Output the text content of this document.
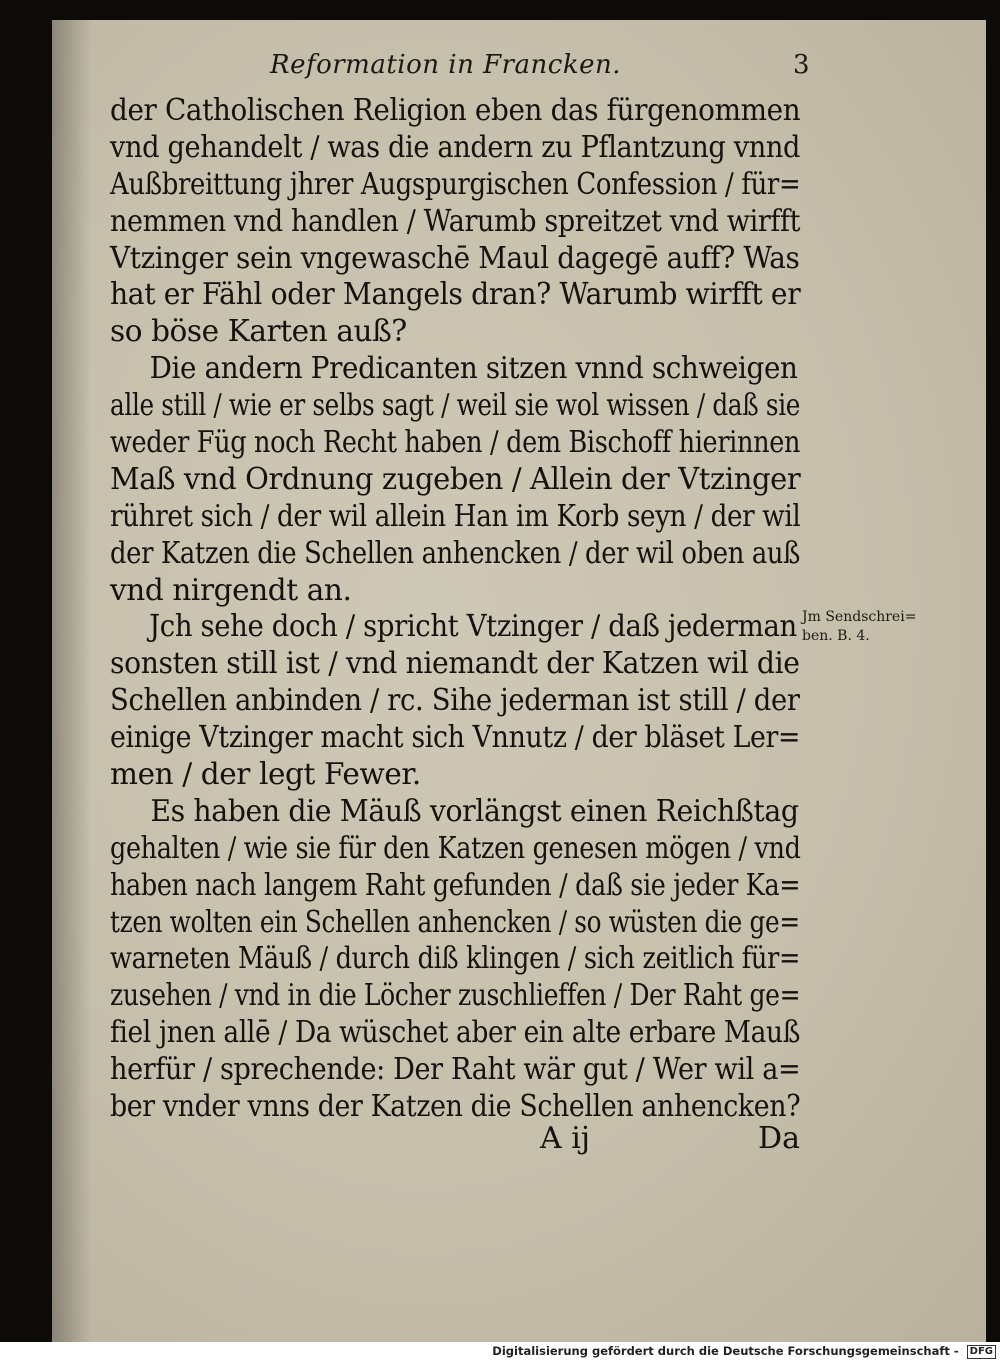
Reformation in Francken.	3
der Catholischen Religion eben das fürgenommen
vnd gehandelt / was die andern zu Pflantzung vnnd
Außbreittung jhrer Augspurgischen Confession / für=
nemmen vnd handlen / Warumb spreitzet vnd wirfft
Vtzinger sein vngewaschē Maul dagegē auff? Was
hat er Fähl oder Mangels dran? Warumb wirfft er
so böse Karten auß?
Die andern Predicanten sitzen vnnd schweigen
alle still / wie er selbs sagt / weil sie wol wissen / daß sie
weder Füg noch Recht haben / dem Bischoff hierinnen
Maß vnd Ordnung zugeben / Allein der Vtzinger
rühret sich / der wil allein Han im Korb seyn / der wil
der Katzen die Schellen anhencken / der wil oben auß
vnd nirgendt an.
Jch sehe doch / spricht Vtzinger / daß jederman
sonsten still ist / vnd niemandt der Katzen wil die
Schellen anbinden / rc. Sihe jederman ist still / der
einige Vtzinger macht sich Vnnutz / der bläset Ler=
men / der legt Fewer.
Es haben die Mäuß vorlängst einen Reichßtag
gehalten / wie sie für den Katzen genesen mögen / vnd
haben nach langem Raht gefunden / daß sie jeder Ka=
tzen wolten ein Schellen anhencken / so wüsten die ge=
warneten Mäuß / durch diß klingen / sich zeitlich für=
zusehen / vnd in die Löcher zuschlieffen / Der Raht ge=
fiel jnen allē / Da wüschet aber ein alte erbare Mauß
herfür / sprechende: Der Raht wär gut / Wer wil a=
ber vnder vnns der Katzen die Schellen anhencken?
Jm Sendschrei=
ben. B. 4.
A ij	Da
Digitalisierung gefördert durch die Deutsche Forschungsgemeinschaft - DFG
